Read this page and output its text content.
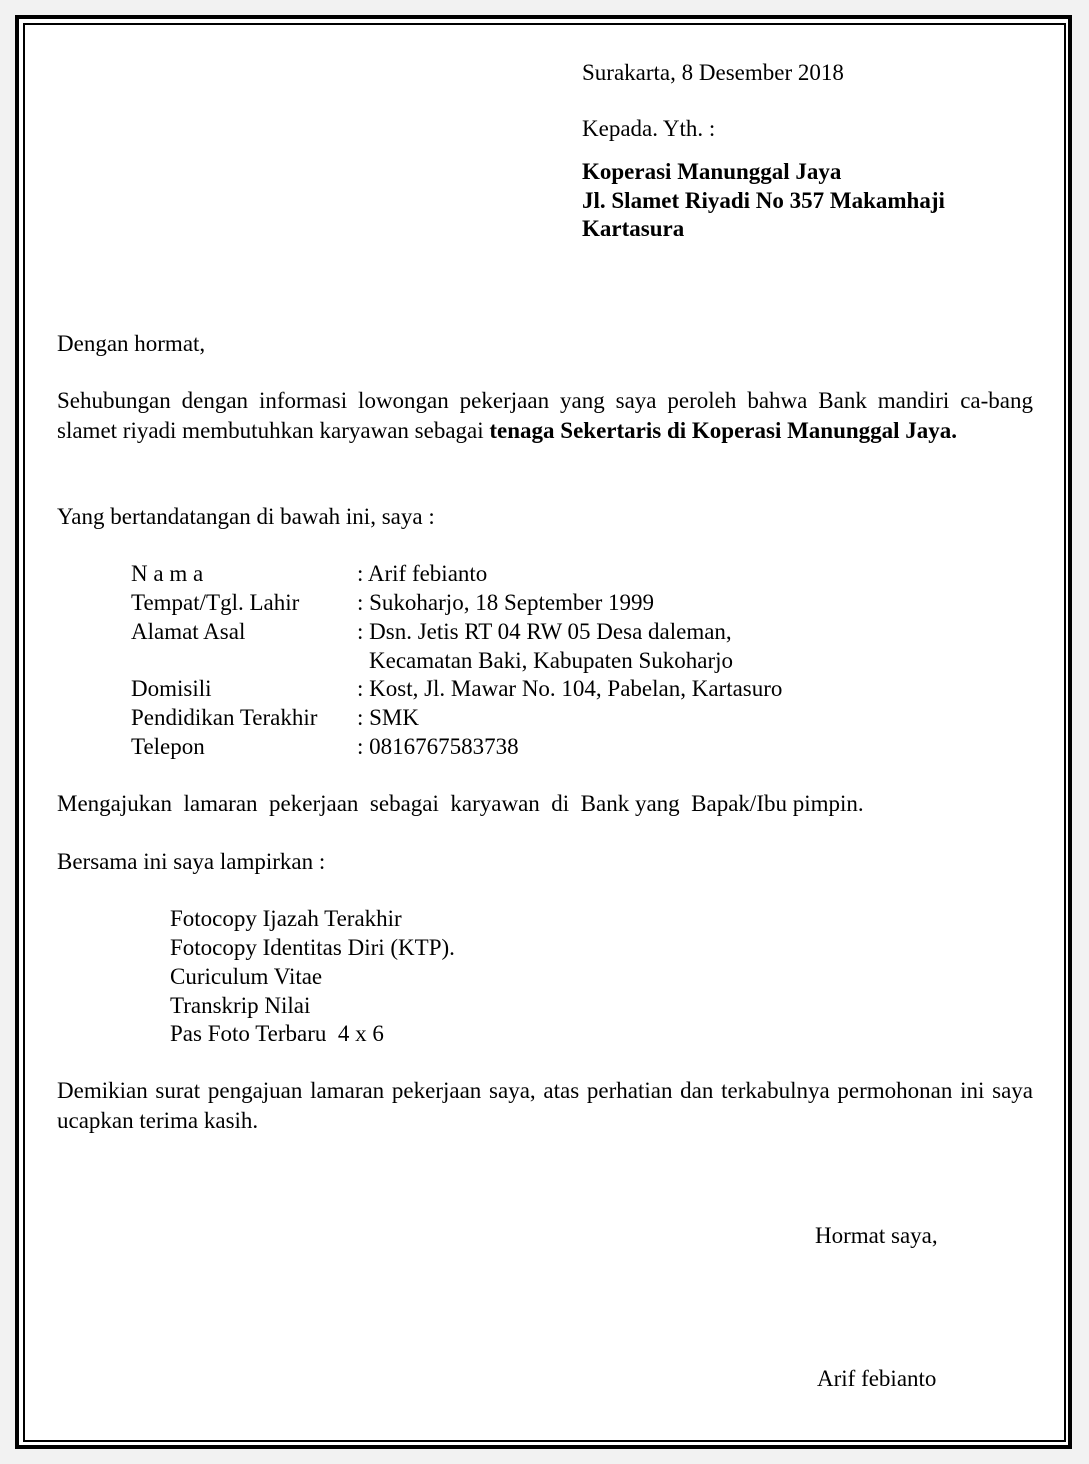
Surakarta, 8 Desember 2018
Kepada. Yth. :
Koperasi Manunggal Jaya
Jl. Slamet Riyadi No 357 Makamhaji
Kartasura
Dengan hormat,
Sehubungan dengan informasi lowongan pekerjaan yang saya peroleh bahwa Bank mandiri ca-bang slamet riyadi membutuhkan karyawan sebagai tenaga Sekertaris di Koperasi Manunggal Jaya.
Yang bertandatangan di bawah ini, saya :
N a m a	: Arif febianto
Tempat/Tgl. Lahir	: Sukoharjo, 18 September 1999
Alamat Asal	: Dsn. Jetis RT 04 RW 05 Desa daleman,
Kecamatan Baki, Kabupaten Sukoharjo
Domisili	: Kost, Jl. Mawar No. 104, Pabelan, Kartasuro
Pendidikan Terakhir : SMK
Telepon	: 0816767583738
Mengajukan  lamaran  pekerjaan  sebagai  karyawan  di  Bank yang  Bapak/Ibu pimpin.
Bersama ini saya lampirkan :
Fotocopy Ijazah Terakhir
Fotocopy Identitas Diri (KTP).
Curiculum Vitae
Transkrip Nilai
Pas Foto Terbaru  4 x 6
Demikian surat pengajuan lamaran pekerjaan saya, atas perhatian dan terkabulnya permohonan ini saya ucapkan terima kasih.
Hormat saya,
Arif febianto
